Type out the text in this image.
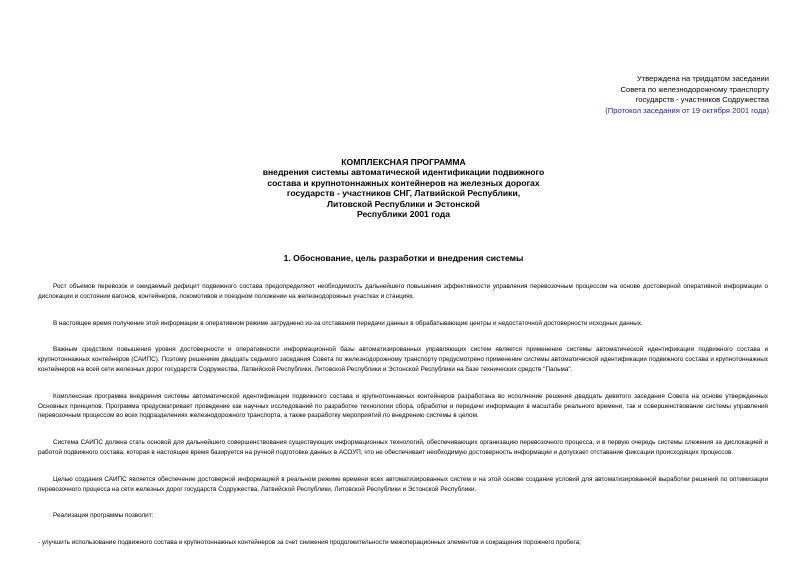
Утверждена на тридцатом заседании
Совета по железнодорожному транспорту
государств - участников Содружества
(Протокол заседания от 19 октября 2001 года)
КОМПЛЕКСНАЯ ПРОГРАММА
внедрения системы автоматической идентификации подвижного
состава и крупнотоннажных контейнеров на железных дорогах
государств - участников СНГ, Латвийской Республики,
Литовской Республики и Эстонской
Республики 2001 года
1. Обоснование, цель разработки и внедрения системы

Рост объемов перевозок и ожидаемый дефицит подвижного состава предопределяют необходимость дальнейшего повышения эффективности управления перевозочным процессом на основе достоверной оперативной информации о дислокации и состоянии вагонов, контейнеров, локомотивов и поездном положении на железнодорожных участках и станциях.

В настоящее время получение этой информации в оперативном режиме затруднено из-за отставания передачи данных в обрабатывающие центры и недостаточной достоверности исходных данных.

Важным средством повышения уровня достоверности и оперативности информационной базы автоматизированных управляющих систем является применение системы автоматической идентификации подвижного состава и крупнотоннажных контейнеров (САИПС). Поэтому решением двадцать седьмого заседания Совета по железнодорожному транспорту предусмотрено применение системы автоматической идентификации подвижного состава и крупнотоннажных контейнеров на всей сети железных дорог государств Содружества, Латвийской Республики, Литовской Республики и Эстонской Республики на базе технических средств "Пальма".

Комплексная программа внедрения системы автоматической идентификации подвижного состава и крупнотоннажных контейнеров разработана во исполнение решения двадцать девятого заседания Совета на основе утвержденных Основных принципов. Программа предусматривает проведение как научных исследований по разработке технологии сбора, обработки и передачи информации в масштабе реального времени, так и совершенствование системы управления перевозочным процессом во всех подразделениях железнодорожного транспорта, а также разработку мероприятий по внедрению системы в целом.

Система САИПС должна стать основой для дальнейшего совершенствования существующих информационных технологий, обеспечивающих организацию перевозочного процесса, и в первую очередь системы слежения за дислокацией и работой подвижного состава, которая в настоящее время базируется на ручной подготовке данных в АСОУП, что не обеспечивает необходимую достоверность информации и допускает отставание фиксации происходящих процессов.

Целью создания САИПС является обеспечение достоверной информацией в реальном режиме времени всех автоматизированных систем и на этой основе создание условий для автоматизированной выработки решений по оптимизации перевозочного процесса на сети железных дорог государств Содружества, Латвийской Республики, Литовской Республики и Эстонской Республики.

Реализация программы позволит:

- улучшить использование подвижного состава и крупнотоннажных контейнеров за счет снижения продолжительности межоперационных элементов и сокращения порожнего пробега;
